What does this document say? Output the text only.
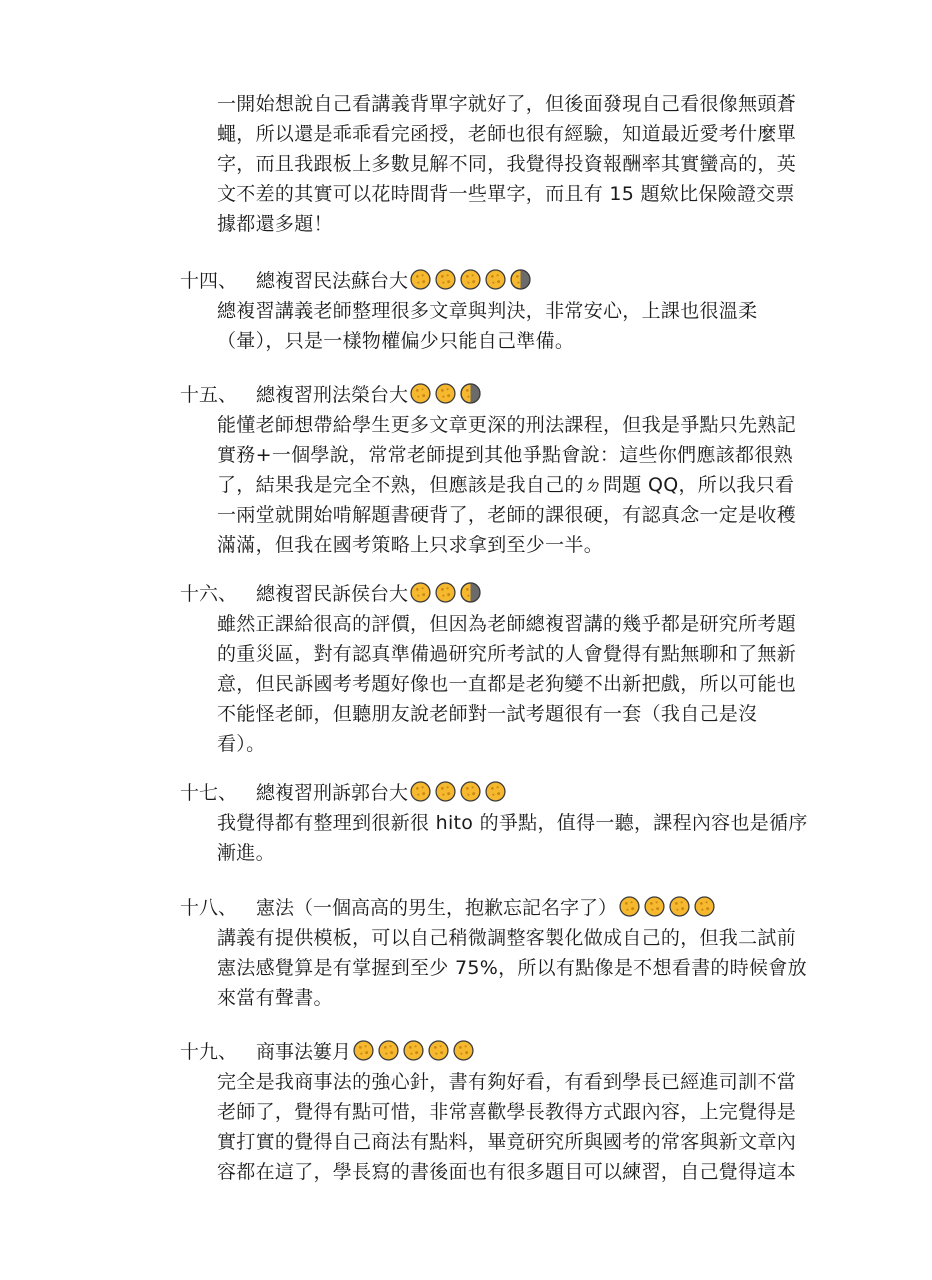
一開始想說自己看講義背單字就好了，但後面發現自己看很像無頭蒼
蠅，所以還是乖乖看完函授，老師也很有經驗，知道最近愛考什麼單
字，而且我跟板上多數見解不同，我覺得投資報酬率其實蠻高的，英
文不差的其實可以花時間背一些單字，而且有 15 題欸比保險證交票
據都還多題！

十四、 總複習民法蘇台大
總複習講義老師整理很多文章與判決，非常安心，上課也很溫柔
（暈），只是一樣物權偏少只能自己準備。
十五、 總複習刑法榮台大
能懂老師想帶給學生更多文章更深的刑法課程，但我是爭點只先熟記
實務+一個學說，常常老師提到其他爭點會說：這些你們應該都很熟
了，結果我是完全不熟，但應該是我自己的ㄉ問題 QQ，所以我只看
一兩堂就開始啃解題書硬背了，老師的課很硬，有認真念一定是收穫
滿滿，但我在國考策略上只求拿到至少一半。
十六、 總複習民訴侯台大
雖然正課給很高的評價，但因為老師總複習講的幾乎都是研究所考題
的重災區，對有認真準備過研究所考試的人會覺得有點無聊和了無新
意，但民訴國考考題好像也一直都是老狗變不出新把戲，所以可能也
不能怪老師，但聽朋友說老師對一試考題很有一套（我自己是沒
看）。
十七、 總複習刑訴郭台大
我覺得都有整理到很新很 hito 的爭點，值得一聽，課程內容也是循序
漸進。
十八、 憲法（一個高高的男生，抱歉忘記名字了）
講義有提供模板，可以自己稍微調整客製化做成自己的，但我二試前
憲法感覺算是有掌握到至少 75%，所以有點像是不想看書的時候會放
來當有聲書。
十九、 商事法簍月
完全是我商事法的強心針，書有夠好看，有看到學長已經進司訓不當
老師了，覺得有點可惜，非常喜歡學長教得方式跟內容，上完覺得是
實打實的覺得自己商法有點料，畢竟研究所與國考的常客與新文章內
容都在這了，學長寫的書後面也有很多題目可以練習，自己覺得這本
